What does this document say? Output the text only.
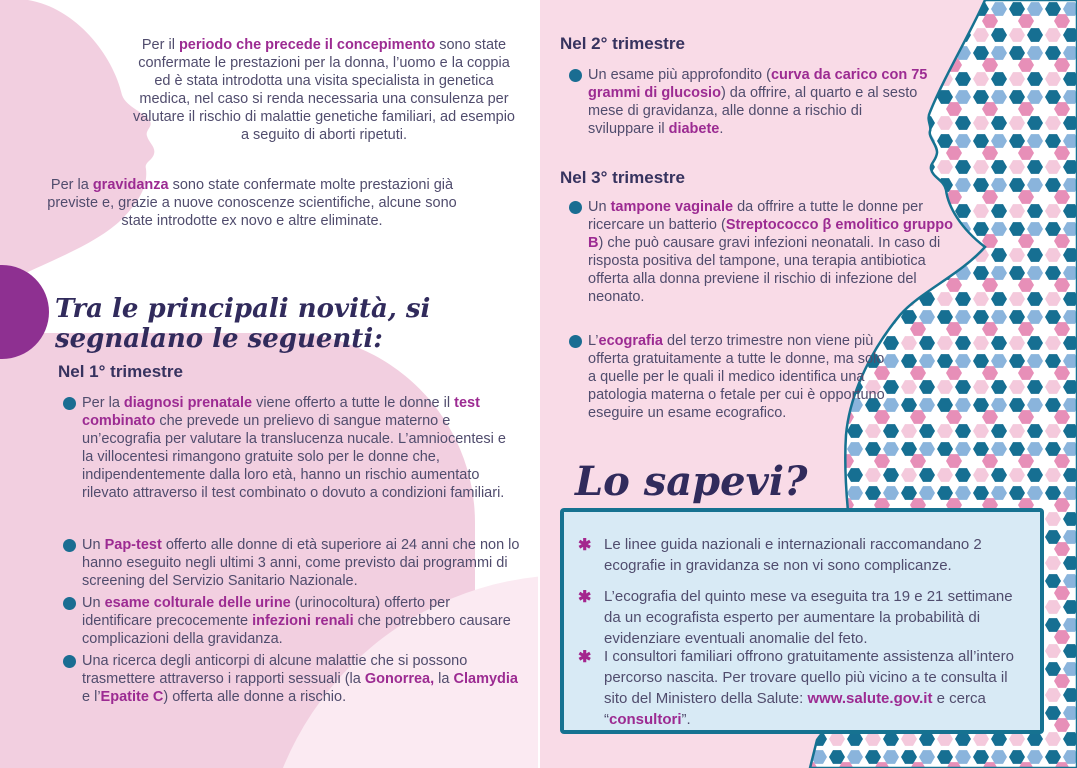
Per il periodo che precede il concepimento sono state confermate le prestazioni per la donna, l’uomo e la coppia ed è stata introdotta una visita specialista in genetica medica, nel caso si renda necessaria una consulenza per valutare il rischio di malattie genetiche familiari, ad esempio a seguito di aborti ripetuti.

Per la gravidanza sono state confermate molte prestazioni già previste e, grazie a nuove conoscenze scientifiche, alcune sono state introdotte ex novo e altre eliminate.

Tra le principali novità, si segnalano le seguenti:
Nel 1° trimestre

Per la diagnosi prenatale viene offerto a tutte le donne il test combinato che prevede un prelievo di sangue materno e un’ecografia per valutare la translucenza nucale. L’amniocentesi e la villocentesi rimangono gratuite solo per le donne che, indipendentemente dalla loro età, hanno un rischio aumentato rilevato attraverso il test combinato o dovuto a condizioni familiari.

Un Pap-test offerto alle donne di età superiore ai 24 anni che non lo hanno eseguito negli ultimi 3 anni, come previsto dai programmi di screening del Servizio Sanitario Nazionale.

Un esame colturale delle urine (urinocoltura) offerto per identificare precocemente infezioni renali che potrebbero causare complicazioni della gravidanza.

Una ricerca degli anticorpi di alcune malattie che si possono trasmettere attraverso i rapporti sessuali (la Gonorrea, la Clamydia e l’Epatite C) offerta alle donne a rischio.

Nel 2° trimestre

Un esame più approfondito (curva da carico con 75 grammi di glucosio) da offrire, al quarto e al sesto mese di gravidanza, alle donne a rischio di sviluppare il diabete.

Nel 3° trimestre

Un tampone vaginale da offrire a tutte le donne per ricercare un batterio (Streptococco β emolitico gruppo B) che può causare gravi infezioni neonatali. In caso di risposta positiva del tampone, una terapia antibiotica offerta alla donna previene il rischio di infezione del neonato.

L’ecografia del terzo trimestre non viene più offerta gratuitamente a tutte le donne, ma solo a quelle per le quali il medico identifica una patologia materna o fetale per cui è opportuno eseguire un esame ecografico.

Lo sapevi?
✱ Le linee guida nazionali e internazionali raccomandano 2 ecografie in gravidanza se non vi sono complicanze.

✱ L’ecografia del quinto mese va eseguita tra 19 e 21 settimane da un ecografista esperto per aumentare la probabilità di evidenziare eventuali anomalie del feto.

✱ I consultori familiari offrono gratuitamente assistenza all’intero percorso nascita. Per trovare quello più vicino a te consulta il sito del Ministero della Salute: www.salute.gov.it e cerca “consultori”.
